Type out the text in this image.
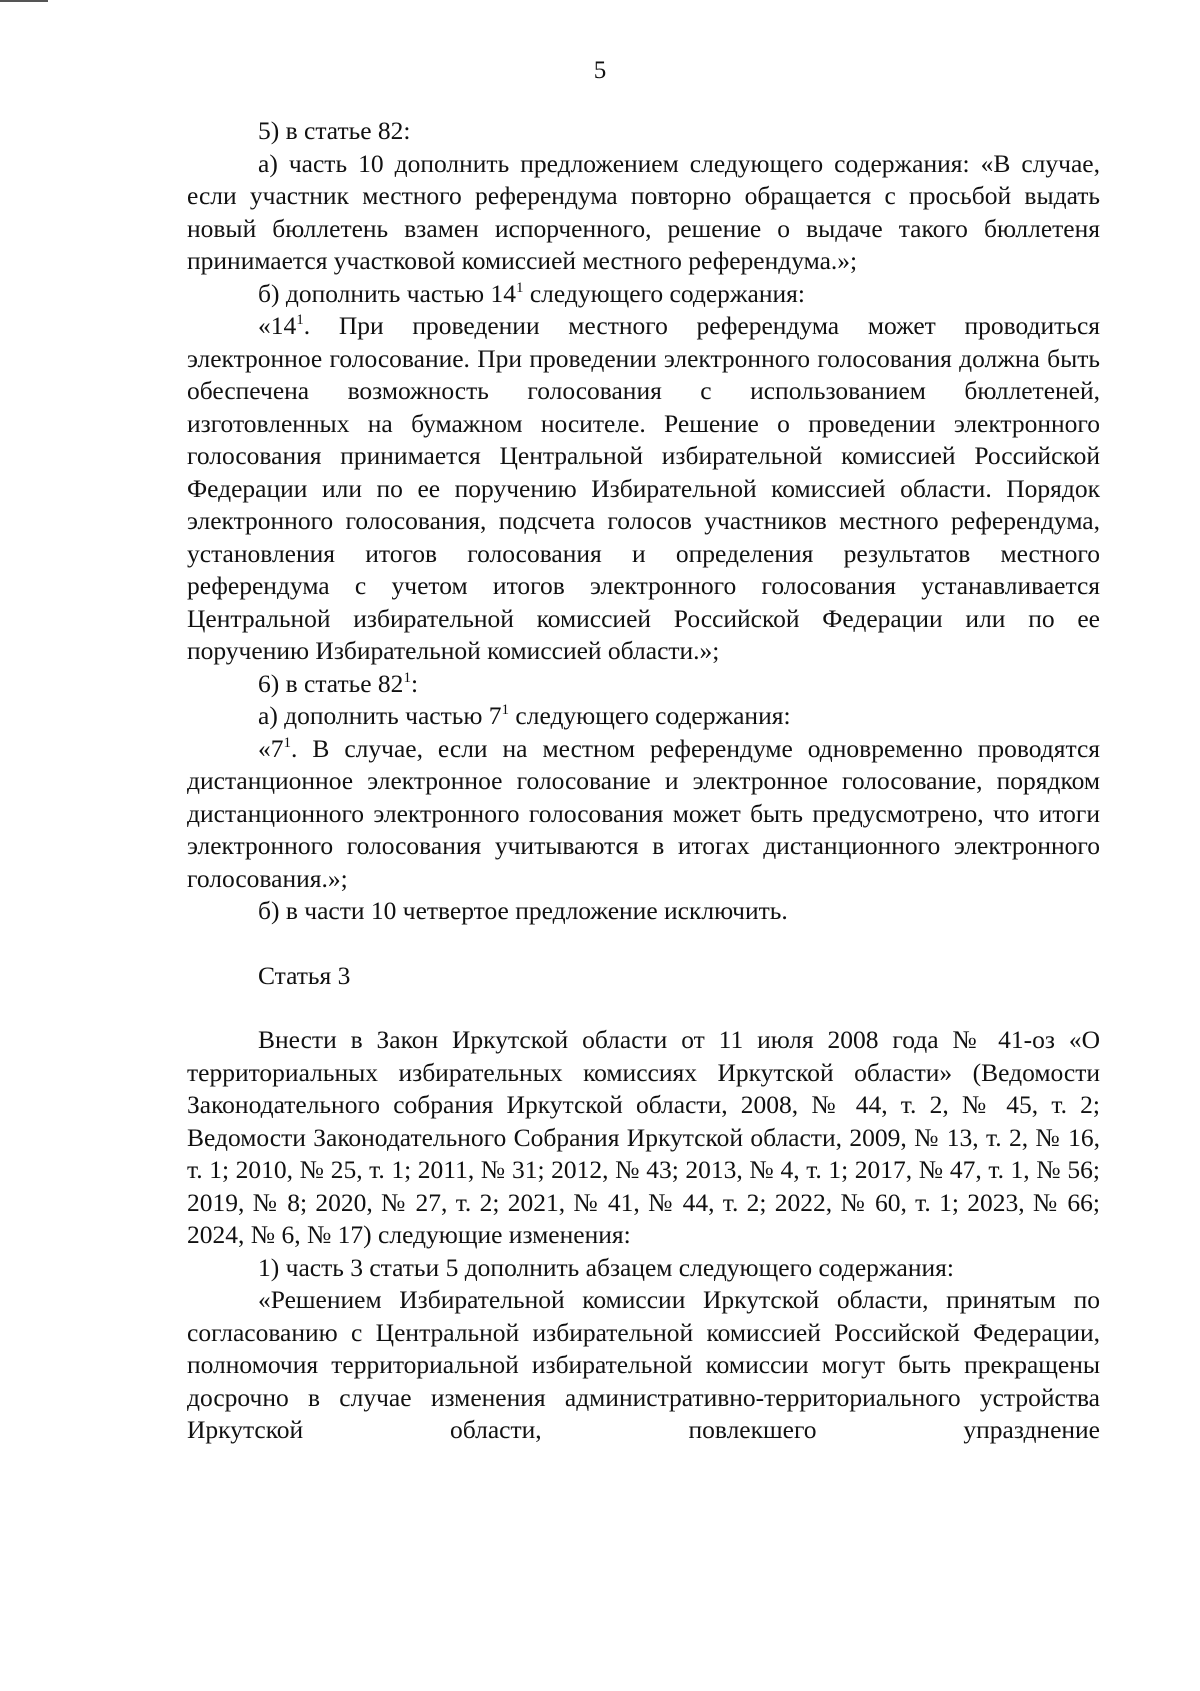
5

5) в статье 82:

а) часть 10 дополнить предложением следующего содержания: «В случае, если участник местного референдума повторно обращается с просьбой выдать новый бюллетень взамен испорченного, решение о выдаче такого бюллетеня принимается участковой комиссией местного референдума.»;

б) дополнить частью $14^1$ следующего содержания:

«$14^1$. При проведении местного референдума может проводиться электронное голосование. При проведении электронного голосования должна быть обеспечена возможность голосования с использованием бюллетеней, изготовленных на бумажном носителе. Решение о проведении электронного голосования принимается Центральной избирательной комиссией Российской Федерации или по ее поручению Избирательной комиссией области. Порядок электронного голосования, подсчета голосов участников местного референдума, установления итогов голосования и определения результатов местного референдума с учетом итогов электронного голосования устанавливается Центральной избирательной комиссией Российской Федерации или по ее поручению Избирательной комиссией области.»;

6) в статье $82^1$:

а) дополнить частью $7^1$ следующего содержания:

«$7^1$. В случае, если на местном референдуме одновременно проводятся дистанционное электронное голосование и электронное голосование, порядком дистанционного электронного голосования может быть предусмотрено, что итоги электронного голосования учитываются в итогах дистанционного электронного голосования.»;

б) в части 10 четвертое предложение исключить.

Статья 3

Внести в Закон Иркутской области от 11 июля 2008 года № 41-оз «О территориальных избирательных комиссиях Иркутской области» (Ведомости Законодательного собрания Иркутской области, 2008, № 44, т. 2, № 45, т. 2; Ведомости Законодательного Собрания Иркутской области, 2009, № 13, т. 2, № 16, т. 1; 2010, № 25, т. 1; 2011, № 31; 2012, № 43; 2013, № 4, т. 1; 2017, № 47, т. 1, № 56; 2019, № 8; 2020, № 27, т. 2; 2021, № 41, № 44, т. 2; 2022, № 60, т. 1; 2023, № 66; 2024, № 6, № 17) следующие изменения:

1) часть 3 статьи 5 дополнить абзацем следующего содержания:

«Решением Избирательной комиссии Иркутской области, принятым по согласованию с Центральной избирательной комиссией Российской Федерации, полномочия территориальной избирательной комиссии могут быть прекращены досрочно в случае изменения административно-территориального устройства Иркутской области, повлекшего упразднение
